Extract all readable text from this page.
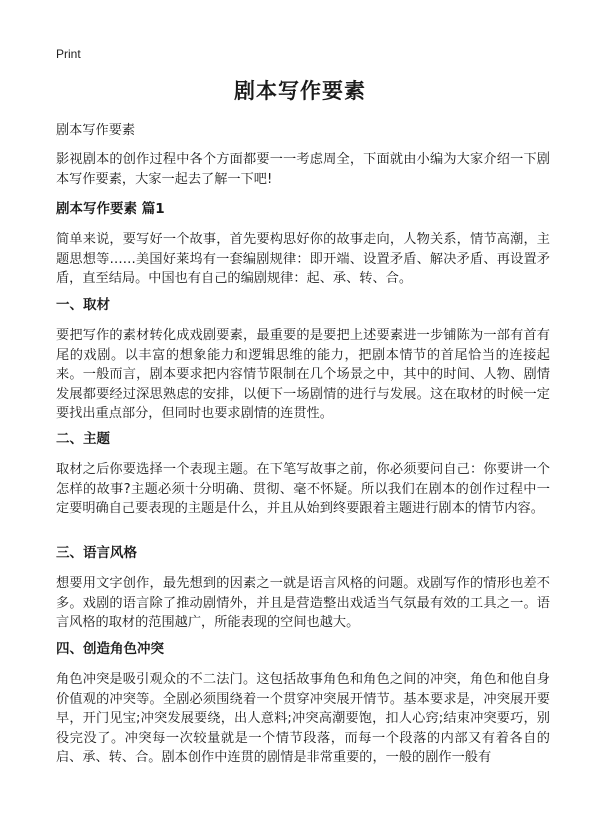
Print
剧本写作要素

剧本写作要素

影视剧本的创作过程中各个方面都要一一考虑周全，下面就由小编为大家介绍一下剧本写作要素，大家一起去了解一下吧!

剧本写作要素 篇1

简单来说，要写好一个故事，首先要构思好你的故事走向，人物关系，情节高潮，主题思想等……美国好莱坞有一套编剧规律：即开端、设置矛盾、解决矛盾、再设置矛盾，直至结局。中国也有自己的编剧规律：起、承、转、合。

一、取材

要把写作的素材转化成戏剧要素，最重要的是要把上述要素进一步铺陈为一部有首有尾的戏剧。以丰富的想象能力和逻辑思维的能力，把剧本情节的首尾恰当的连接起来。一般而言，剧本要求把内容情节限制在几个场景之中，其中的时间、人物、剧情发展都要经过深思熟虑的安排，以便下一场剧情的进行与发展。这在取材的时候一定要找出重点部分，但同时也要求剧情的连贯性。

二、主题

取材之后你要选择一个表现主题。在下笔写故事之前，你必须要问自己：你要讲一个怎样的故事?主题必须十分明确、贯彻、毫不怀疑。所以我们在剧本的创作过程中一定要明确自己要表现的主题是什么，并且从始到终要跟着主题进行剧本的情节内容。

三、语言风格

想要用文字创作，最先想到的因素之一就是语言风格的问题。戏剧写作的情形也差不多。戏剧的语言除了推动剧情外，并且是营造整出戏适当气氛最有效的工具之一。语言风格的取材的范围越广，所能表现的空间也越大。

四、创造角色冲突

角色冲突是吸引观众的不二法门。这包括故事角色和角色之间的冲突，角色和他自身价值观的冲突等。全剧必须围绕着一个贯穿冲突展开情节。基本要求是，冲突展开要早，开门见宝;冲突发展要绕，出人意料;冲突高潮要饱，扣人心窍;结束冲突要巧，别役完没了。冲突每一次较量就是一个情节段落，而每一个段落的内部又有着各自的启、承、转、合。剧本创作中连贯的剧情是非常重要的，一般的剧作一般有
